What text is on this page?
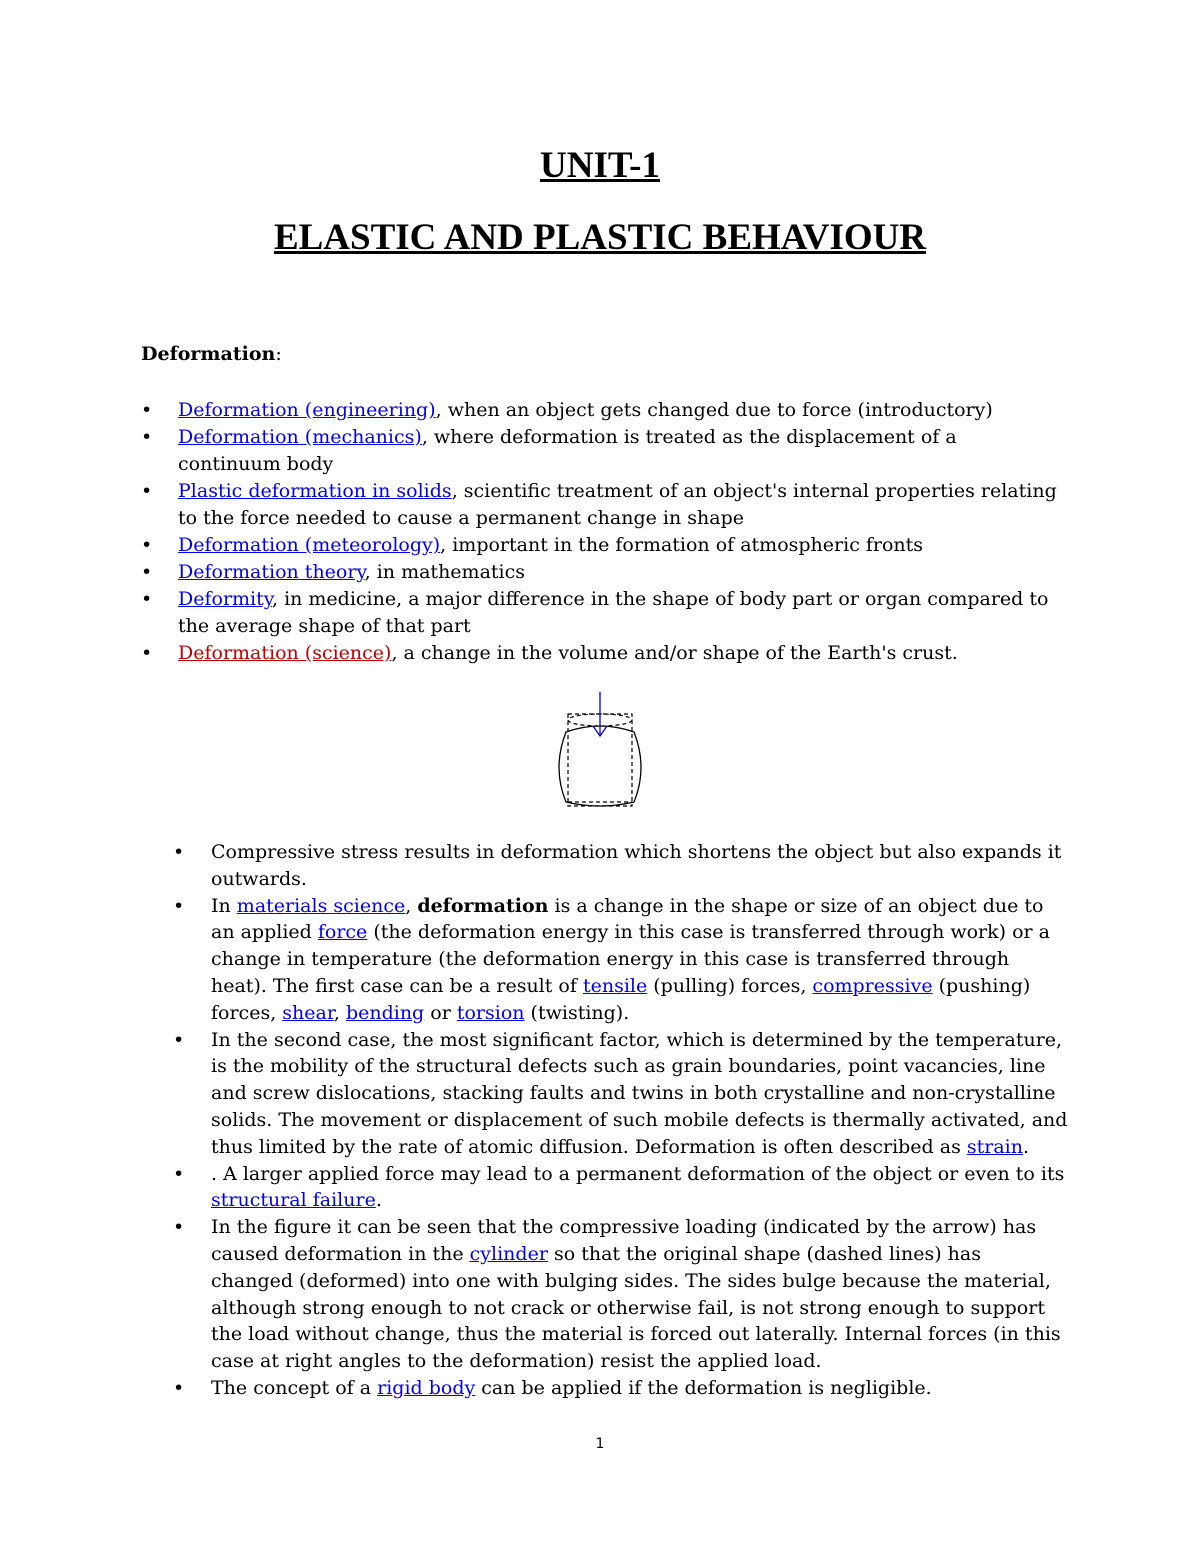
UNIT-1
ELASTIC AND PLASTIC BEHAVIOUR
Deformation:
• Deformation (engineering), when an object gets changed due to force (introductory)
• Deformation (mechanics), where deformation is treated as the displacement of a continuum body
• Plastic deformation in solids, scientific treatment of an object's internal properties relating to the force needed to cause a permanent change in shape
• Deformation (meteorology), important in the formation of atmospheric fronts
• Deformation theory, in mathematics
• Deformity, in medicine, a major difference in the shape of body part or organ compared to the average shape of that part
• Deformation (science), a change in the volume and/or shape of the Earth's crust.
• Compressive stress results in deformation which shortens the object but also expands it outwards.
• In materials science, deformation is a change in the shape or size of an object due to an applied force (the deformation energy in this case is transferred through work) or a change in temperature (the deformation energy in this case is transferred through heat). The first case can be a result of tensile (pulling) forces, compressive (pushing) forces, shear, bending or torsion (twisting).
• In the second case, the most significant factor, which is determined by the temperature, is the mobility of the structural defects such as grain boundaries, point vacancies, line and screw dislocations, stacking faults and twins in both crystalline and non-crystalline solids. The movement or displacement of such mobile defects is thermally activated, and thus limited by the rate of atomic diffusion. Deformation is often described as strain.
• . A larger applied force may lead to a permanent deformation of the object or even to its structural failure.
• In the figure it can be seen that the compressive loading (indicated by the arrow) has caused deformation in the cylinder so that the original shape (dashed lines) has changed (deformed) into one with bulging sides. The sides bulge because the material, although strong enough to not crack or otherwise fail, is not strong enough to support the load without change, thus the material is forced out laterally. Internal forces (in this case at right angles to the deformation) resist the applied load.
• The concept of a rigid body can be applied if the deformation is negligible.
1
